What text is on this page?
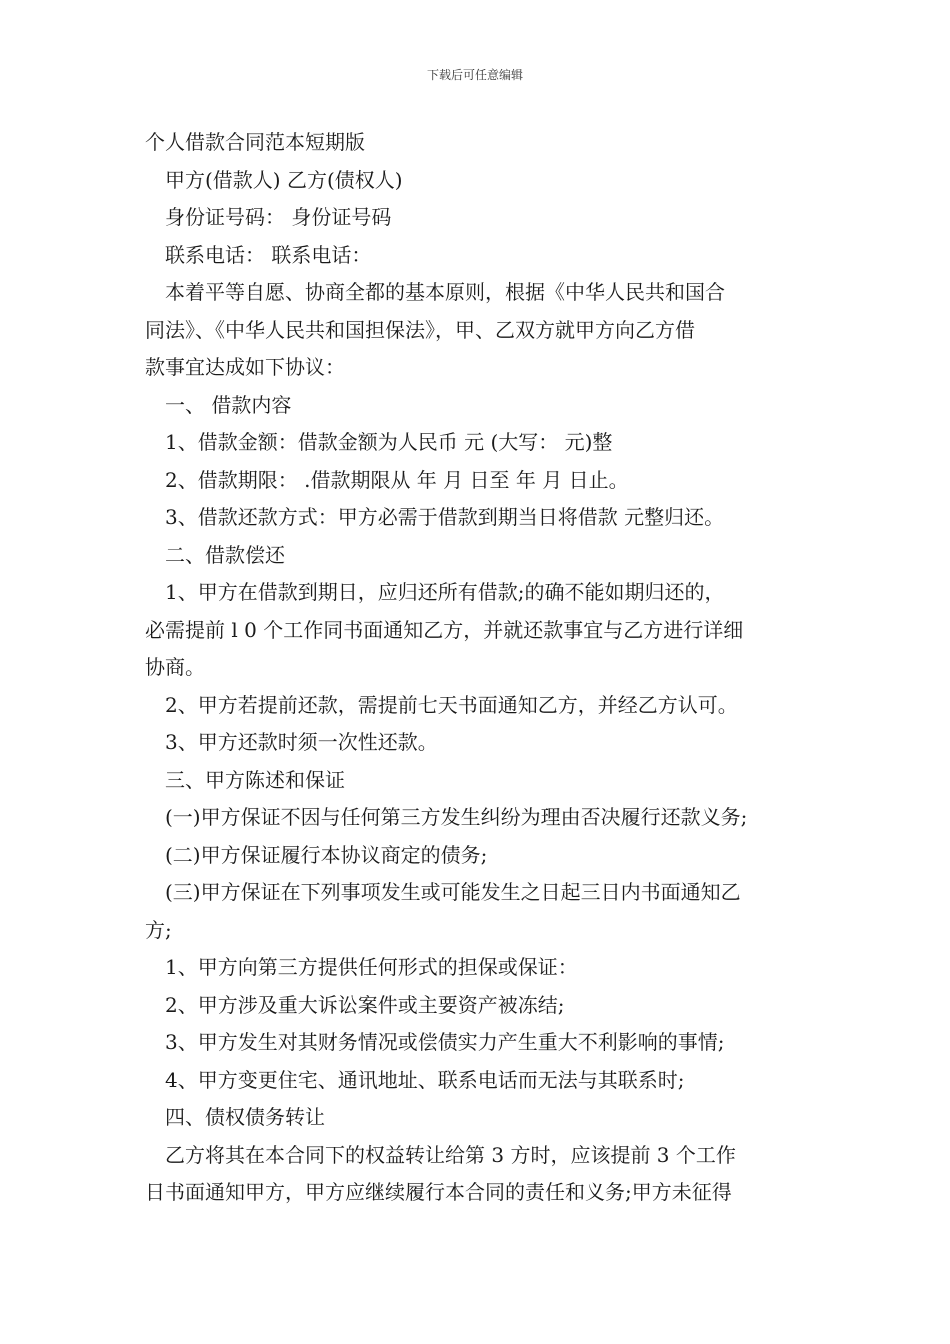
下载后可任意编辑
个人借款合同范本短期版
甲方(借款人) 乙方(债权人)
身份证号码： 身份证号码
联系电话： 联系电话：
本着平等自愿、协商全都的基本原则，根据《中华人民共和国合
同法》、《中华人民共和国担保法》，甲、乙双方就甲方向乙方借
款事宜达成如下协议：
一、 借款内容
1、借款金额：借款金额为人民币 元 (大写： 元)整
2、借款期限： .借款期限从 年 月 日至 年 月 日止。
3、借款还款方式：甲方必需于借款到期当日将借款 元整归还。
二、借款偿还
1、甲方在借款到期日，应归还所有借款;的确不能如期归还的，
必需提前 l 0 个工作同书面通知乙方，并就还款事宜与乙方进行详细
协商。
2、甲方若提前还款，需提前七天书面通知乙方，并经乙方认可。
3、甲方还款时须一次性还款。
三、甲方陈述和保证
(一)甲方保证不因与任何第三方发生纠纷为理由否决履行还款义务;
(二)甲方保证履行本协议商定的债务;
(三)甲方保证在下列事项发生或可能发生之日起三日内书面通知乙
方;
1、甲方向第三方提供任何形式的担保或保证：
2、甲方涉及重大诉讼案件或主要资产被冻结;
3、甲方发生对其财务情况或偿债实力产生重大不利影响的事情;
4、甲方变更住宅、通讯地址、联系电话而无法与其联系时;
四、债权债务转让
乙方将其在本合同下的权益转让给第 3 方时，应该提前 3 个工作
日书面通知甲方，甲方应继续履行本合同的责任和义务;甲方未征得
